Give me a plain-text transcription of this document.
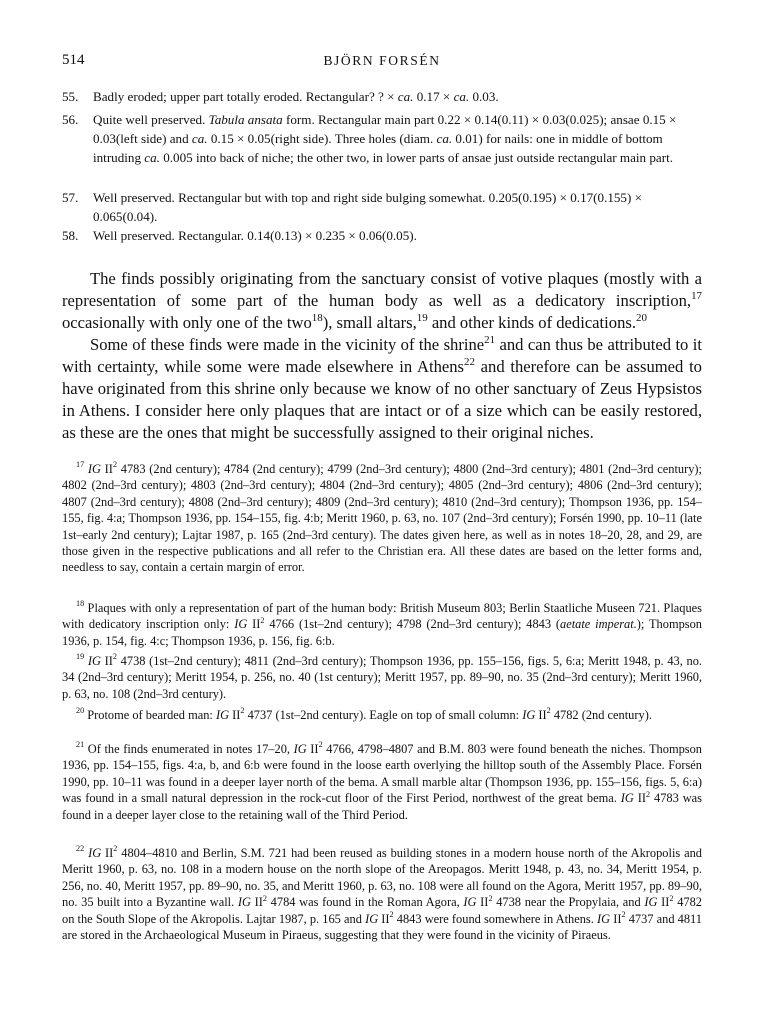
514	BJÖRN FORSÉN
55. Badly eroded; upper part totally eroded. Rectangular? ? × ca. 0.17 × ca. 0.03.
56. Quite well preserved. Tabula ansata form. Rectangular main part 0.22 × 0.14(0.11) × 0.03(0.025); ansae 0.15 × 0.03(left side) and ca. 0.15 × 0.05(right side). Three holes (diam. ca. 0.01) for nails: one in middle of bottom intruding ca. 0.005 into back of niche; the other two, in lower parts of ansae just outside rectangular main part.
57. Well preserved. Rectangular but with top and right side bulging somewhat. 0.205(0.195) × 0.17(0.155) × 0.065(0.04).
58. Well preserved. Rectangular. 0.14(0.13) × 0.235 × 0.06(0.05).

The finds possibly originating from the sanctuary consist of votive plaques (mostly with a representation of some part of the human body as well as a dedicatory inscription,$^{17}$ occasionally with only one of the two$^{18}$), small altars,$^{19}$ and other kinds of dedications.$^{20}$

Some of these finds were made in the vicinity of the shrine$^{21}$ and can thus be attributed to it with certainty, while some were made elsewhere in Athens$^{22}$ and therefore can be assumed to have originated from this shrine only because we know of no other sanctuary of Zeus Hypsistos in Athens. I consider here only plaques that are intact or of a size which can be easily restored, as these are the ones that might be successfully assigned to their original niches.

$^{17}$ IG $II^2$ 4783 (2nd century); 4784 (2nd century); 4799 (2nd–3rd century); 4800 (2nd–3rd century); 4801 (2nd–3rd century); 4802 (2nd–3rd century); 4803 (2nd–3rd century); 4804 (2nd–3rd century); 4805 (2nd–3rd century); 4806 (2nd–3rd century); 4807 (2nd–3rd century); 4808 (2nd–3rd century); 4809 (2nd–3rd century); 4810 (2nd–3rd century); Thompson 1936, pp. 154–155, fig. 4:a; Thompson 1936, pp. 154–155, fig. 4:b; Meritt 1960, p. 63, no. 107 (2nd–3rd century); Forsén 1990, pp. 10–11 (late 1st–early 2nd century); Lajtar 1987, p. 165 (2nd–3rd century). The dates given here, as well as in notes 18–20, 28, and 29, are those given in the respective publications and all refer to the Christian era. All these dates are based on the letter forms and, needless to say, contain a certain margin of error.

$^{18}$ Plaques with only a representation of part of the human body: British Museum 803; Berlin Staatliche Museen 721. Plaques with dedicatory inscription only: IG $II^2$ 4766 (1st–2nd century); 4798 (2nd–3rd century); 4843 (aetate imperat.); Thompson 1936, p. 154, fig. 4:c; Thompson 1936, p. 156, fig. 6:b.

$^{19}$ IG $II^2$ 4738 (1st–2nd century); 4811 (2nd–3rd century); Thompson 1936, pp. 155–156, figs. 5, 6:a; Meritt 1948, p. 43, no. 34 (2nd–3rd century); Meritt 1954, p. 256, no. 40 (1st century); Meritt 1957, pp. 89–90, no. 35 (2nd–3rd century); Meritt 1960, p. 63, no. 108 (2nd–3rd century).

$^{20}$ Protome of bearded man: IG $II^2$ 4737 (1st–2nd century). Eagle on top of small column: IG $II^2$ 4782 (2nd century).

$^{21}$ Of the finds enumerated in notes 17–20, IG $II^2$ 4766, 4798–4807 and B.M. 803 were found beneath the niches. Thompson 1936, pp. 154–155, figs. 4:a, b, and 6:b were found in the loose earth overlying the hilltop south of the Assembly Place. Forsén 1990, pp. 10–11 was found in a deeper layer north of the bema. A small marble altar (Thompson 1936, pp. 155–156, figs. 5, 6:a) was found in a small natural depression in the rock-cut floor of the First Period, northwest of the great bema. IG $II^2$ 4783 was found in a deeper layer close to the retaining wall of the Third Period.

$^{22}$ IG $II^2$ 4804–4810 and Berlin, S.M. 721 had been reused as building stones in a modern house north of the Akropolis and Meritt 1960, p. 63, no. 108 in a modern house on the north slope of the Areopagos. Meritt 1948, p. 43, no. 34, Meritt 1954, p. 256, no. 40, Meritt 1957, pp. 89–90, no. 35, and Meritt 1960, p. 63, no. 108 were all found on the Agora, Meritt 1957, pp. 89–90, no. 35 built into a Byzantine wall. IG $II^2$ 4784 was found in the Roman Agora, IG $II^2$ 4738 near the Propylaia, and IG $II^2$ 4782 on the South Slope of the Akropolis. Lajtar 1987, p. 165 and IG $II^2$ 4843 were found somewhere in Athens. IG $II^2$ 4737 and 4811 are stored in the Archaeological Museum in Piraeus, suggesting that they were found in the vicinity of Piraeus.
